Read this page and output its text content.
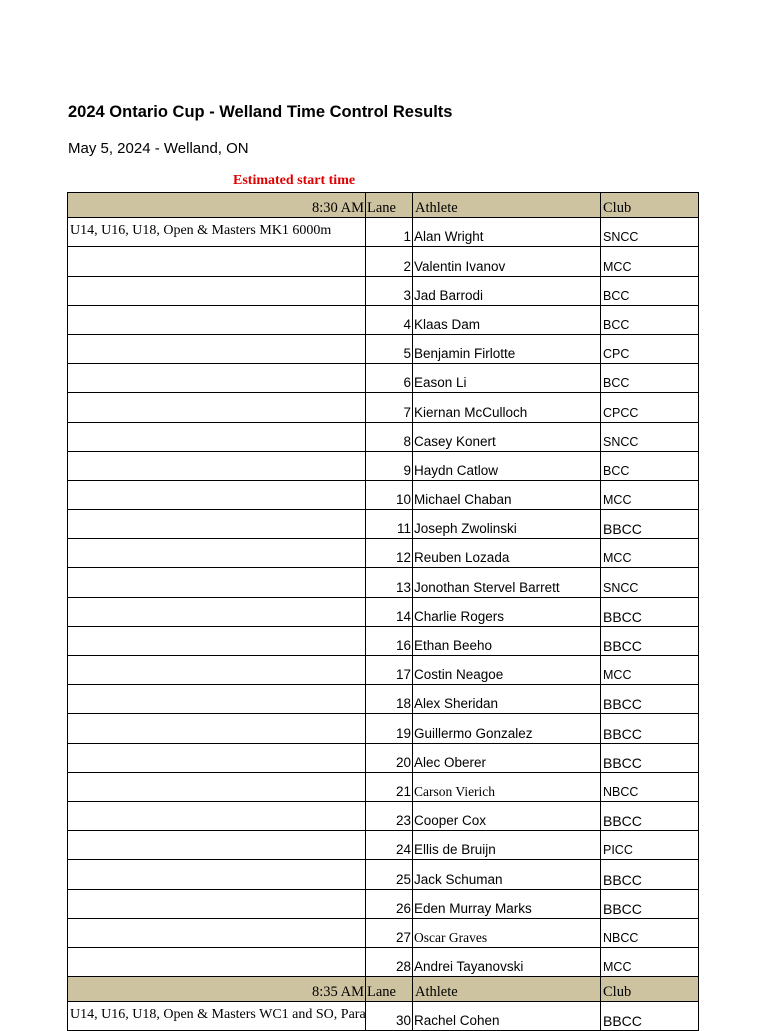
2024 Ontario Cup - Welland Time Control Results
May 5, 2024 - Welland, ON
Estimated start time
8:30 AM	Lane	Athlete	Club
U14, U16, U18, Open & Masters MK1 6000m	1	Alan Wright	SNCC
	2	Valentin Ivanov	MCC
	3	Jad Barrodi	BCC
	4	Klaas Dam	BCC
	5	Benjamin Firlotte	CPC
	6	Eason Li	BCC
	7	Kiernan McCulloch	CPCC
	8	Casey Konert	SNCC
	9	Haydn Catlow	BCC
	10	Michael Chaban	MCC
	11	Joseph Zwolinski	BBCC
	12	Reuben Lozada	MCC
	13	Jonothan Stervel Barrett	SNCC
	14	Charlie Rogers	BBCC
	16	Ethan Beeho	BBCC
	17	Costin Neagoe	MCC
	18	Alex Sheridan	BBCC
	19	Guillermo Gonzalez	BBCC
	20	Alec Oberer	BBCC
	21	Carson Vierich	NBCC
	23	Cooper Cox	BBCC
	24	Ellis de Bruijn	PICC
	25	Jack Schuman	BBCC
	26	Eden Murray Marks	BBCC
	27	Oscar Graves	NBCC
	28	Andrei Tayanovski	MCC
8:35 AM	Lane	Athlete	Club
U14, U16, U18, Open & Masters WC1 and SO, Para	30	Rachel Cohen	BBCC
